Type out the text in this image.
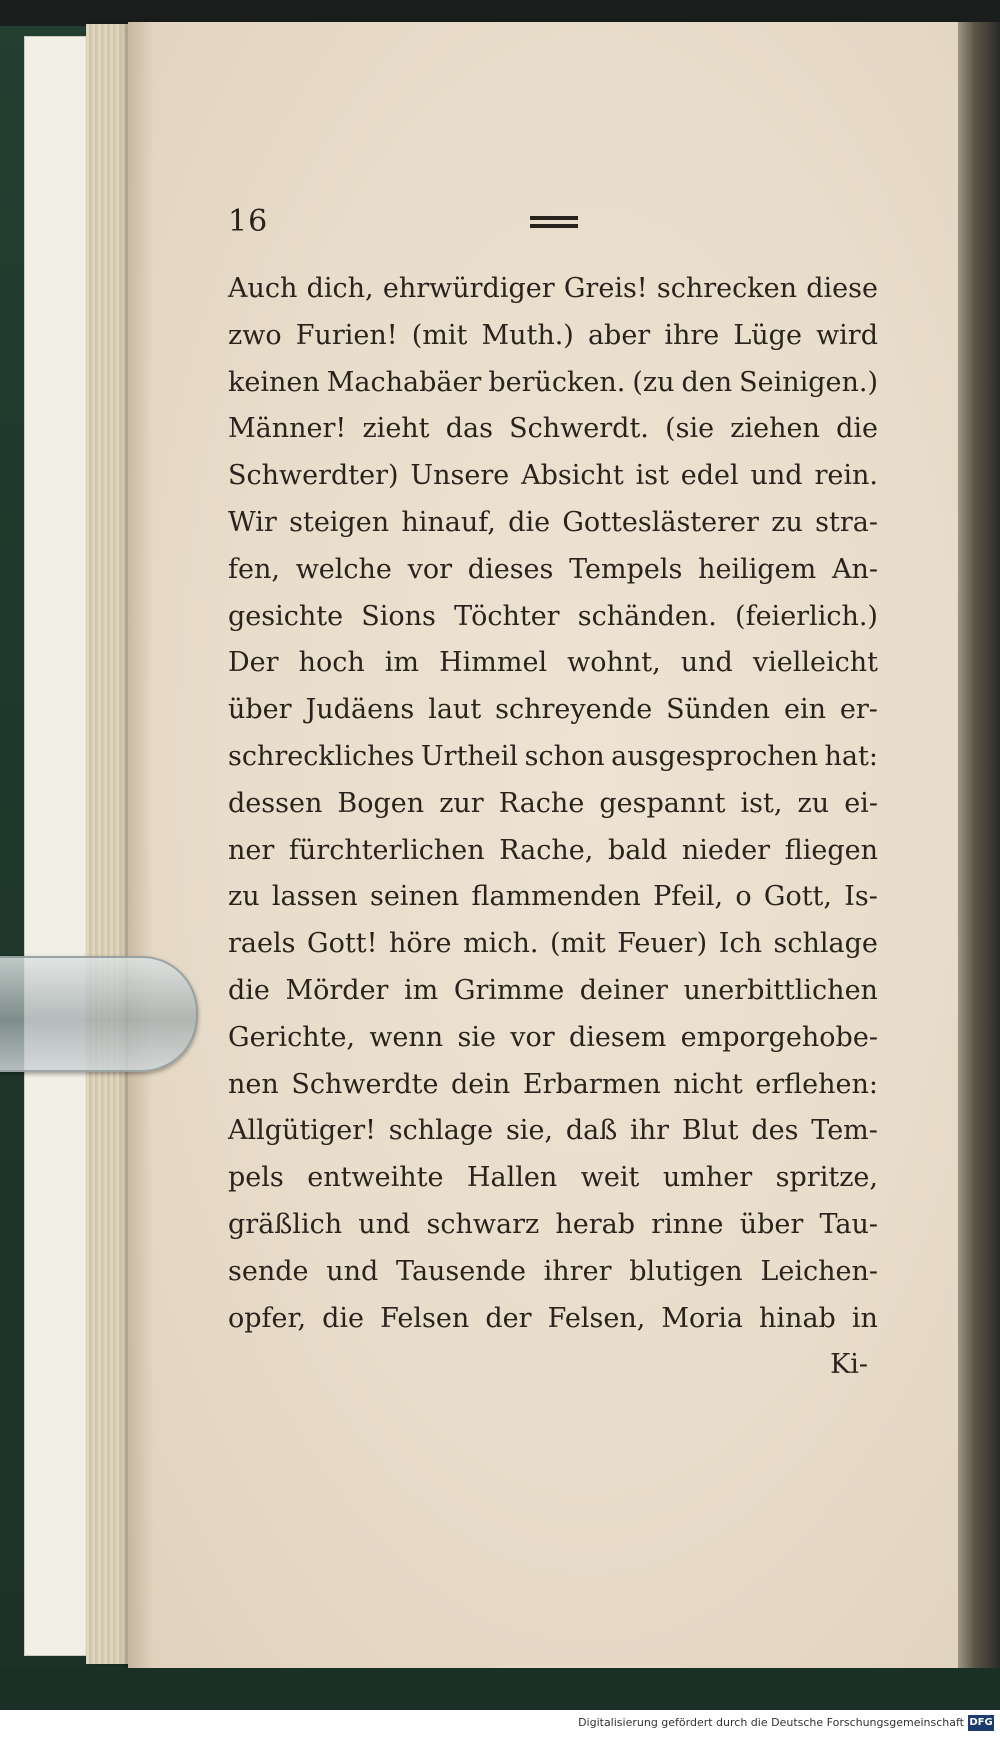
16
Auch dich, ehrwürdiger Greis! schrecken diese
zwo Furien! (mit Muth.) aber ihre Lüge wird
keinen Machabäer berücken. (zu den Seinigen.)
Männer! zieht das Schwerdt. (sie ziehen die
Schwerdter) Unsere Absicht ist edel und rein.
Wir steigen hinauf, die Gotteslästerer zu stra-
fen, welche vor dieses Tempels heiligem An-
gesichte Sions Töchter schänden. (feierlich.)
Der hoch im Himmel wohnt, und vielleicht
über Judäens laut schreyende Sünden ein er-
schreckliches Urtheil schon ausgesprochen hat:
dessen Bogen zur Rache gespannt ist, zu ei-
ner fürchterlichen Rache, bald nieder fliegen
zu lassen seinen flammenden Pfeil, o Gott, Is-
raels Gott! höre mich. (mit Feuer) Ich schlage
die Mörder im Grimme deiner unerbittlichen
Gerichte, wenn sie vor diesem emporgehobe-
nen Schwerdte dein Erbarmen nicht erflehen:
Allgütiger! schlage sie, daß ihr Blut des Tem-
pels entweihte Hallen weit umher spritze,
gräßlich und schwarz herab rinne über Tau-
sende und Tausende ihrer blutigen Leichen-
opfer, die Felsen der Felsen, Moria hinab in
Ki-
Digitalisierung gefördert durch die Deutsche Forschungsgemeinschaft DFG
